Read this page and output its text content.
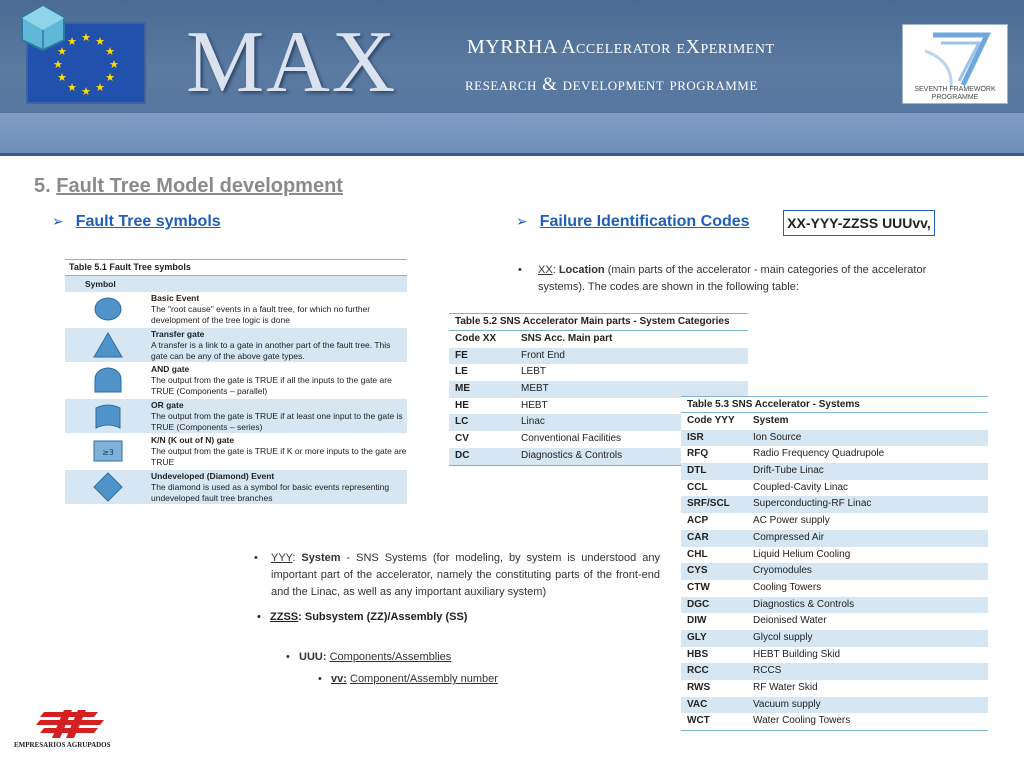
★ ★
★
★
★
★
★
★
★
★
★
★ MAX	MYRRHA Accelerator eXperiment
research & development programme	SEVENTH FRAMEWORK
PROGRAMME
5. Fault Tree Model development
➢ Fault Tree symbols	➢ Failure Identification Codes	XX-YYY-ZZSS UUUvv,
Table 5.1 Fault Tree symbols
Symbol
Basic Event
The "root cause" events in a fault tree, for which no further development of the tree logic is done
Transfer gate
A transfer is a link to a gate in another part of the fault tree. This gate can be any of the above gate types.
AND gate
The output from the gate is TRUE if all the inputs to the gate are TRUE (Components – parallel)
OR gate
The output from the gate is TRUE if at least one input to the gate is TRUE (Components – series)
≥3
K/N (K out of N) gate
The output from the gate is TRUE if K or more inputs to the gate are TRUE
Undeveloped (Diamond) Event
The diamond is used as a symbol for basic events representing undeveloped fault tree branches
•	XX: Location (main parts of the accelerator - main categories of the accelerator systems). The codes are shown in the following table:
Table 5.2 SNS Accelerator Main parts - System Categories
Code XX	SNS Acc. Main part
FE	Front End
LE	LEBT
ME	MEBT
HE	HEBT
LC	Linac
CV	Conventional Facilities
DC	Diagnostics & Controls
Table 5.3 SNS Accelerator - Systems
Code YYY	System
ISR	Ion Source
RFQ	Radio Frequency Quadrupole
DTL	Drift-Tube Linac
CCL	Coupled-Cavity Linac
SRF/SCL	Superconducting-RF Linac
ACP	AC Power supply
CAR	Compressed Air
CHL	Liquid Helium Cooling
CYS	Cryomodules
CTW	Cooling Towers
DGC	Diagnostics & Controls
DIW	Deionised Water
GLY	Glycol supply
HBS	HEBT Building Skid
RCC	RCCS
RWS	RF Water Skid
VAC	Vacuum supply
WCT	Water Cooling Towers
•	YYY: System - SNS Systems (for modeling, by system is understood any important part of the accelerator, namely the constituting parts of the front-end and the Linac, as well as any important auxiliary system)
• ZZSS: Subsystem (ZZ)/Assembly (SS)
• UUU: Components/Assemblies
• vv: Component/Assembly number
EMPRESARIOS AGRUPADOS
